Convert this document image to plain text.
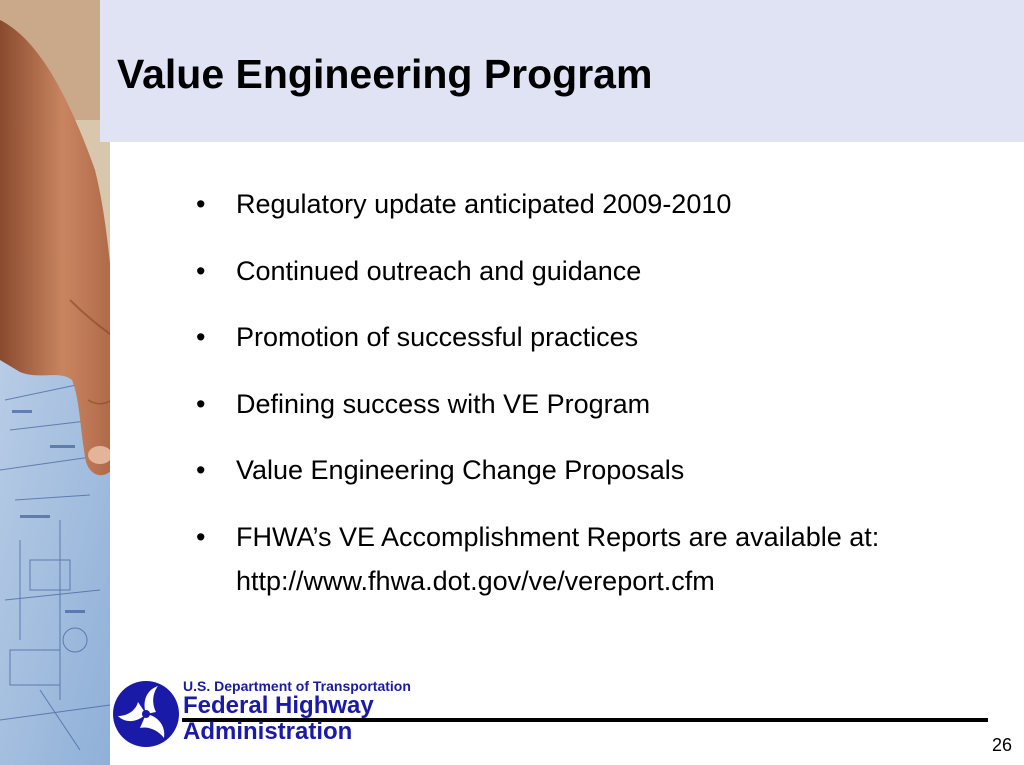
Value Engineering Program
• Regulatory update anticipated 2009-2010
• Continued outreach and guidance
• Promotion of successful practices
• Defining success with VE Program
• Value Engineering Change Proposals
• FHWA’s VE Accomplishment Reports are available at:
http://www.fhwa.dot.gov/ve/vereport.cfm
U.S. Department of Transportation
Federal Highway
Administration	26
